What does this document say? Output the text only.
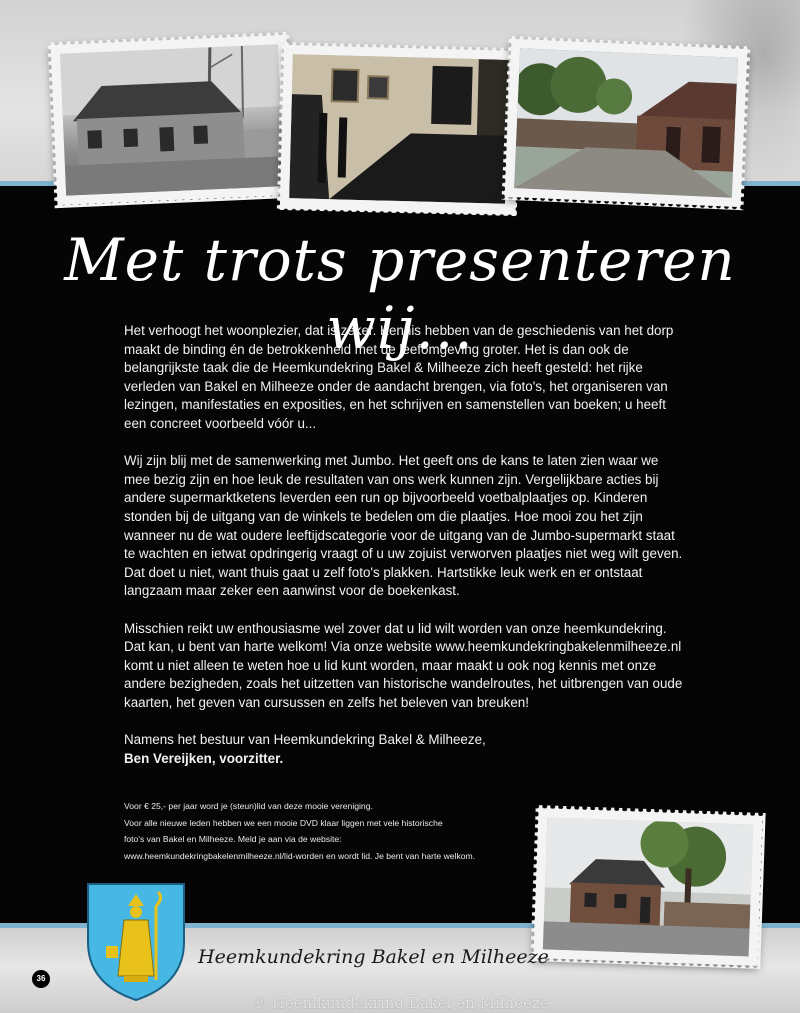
Met trots presenteren wij...

Het verhoogt het woonplezier, dat is zeker. Kennis hebben van de geschiedenis van het dorp maakt de binding én de betrokkenheid met de leefomgeving groter. Het is dan ook de belangrijkste taak die de Heemkundekring Bakel & Milheeze zich heeft gesteld: het rijke verleden van Bakel en Milheeze onder de aandacht brengen, via foto's, het organiseren van lezingen, manifestaties en exposities, en het schrijven en samenstellen van boeken; u heeft een concreet voorbeeld vóór u...

Wij zijn blij met de samenwerking met Jumbo. Het geeft ons de kans te laten zien waar we mee bezig zijn en hoe leuk de resultaten van ons werk kunnen zijn. Vergelijkbare acties bij andere supermarktketens leverden een run op bijvoorbeeld voetbalplaatjes op. Kinderen stonden bij de uitgang van de winkels te bedelen om die plaatjes. Hoe mooi zou het zijn wanneer nu de wat oudere leeftijdscategorie voor de uitgang van de Jumbo-supermarkt staat te wachten en ietwat opdringerig vraagt of u uw zojuist verworven plaatjes niet weg wilt geven. Dat doet u niet, want thuis gaat u zelf foto's plakken. Hartstikke leuk werk en er ontstaat langzaam maar zeker een aanwinst voor de boekenkast.

Misschien reikt uw enthousiasme wel zover dat u lid wilt worden van onze heemkundekring. Dat kan, u bent van harte welkom! Via onze website www.heemkundekringbakelenmilheeze.nl komt u niet alleen te weten hoe u lid kunt worden, maar maakt u ook nog kennis met onze andere bezigheden, zoals het uitzetten van historische wandelroutes, het uitbrengen van oude kaarten, het geven van cursussen en zelfs het beleven van breuken!

Namens het bestuur van Heemkundekring Bakel & Milheeze,

Ben Vereijken, voorzitter.

Voor € 25,- per jaar word je (steun)lid van deze mooie vereniging.
Voor alle nieuwe leden hebben we een mooie DVD klaar liggen met vele historische
foto's van Bakel en Milheeze. Meld je aan via de website:
www.heemkundekringbakelenmilheeze.nl/lid-worden en wordt lid. Je bent van harte welkom.
Heemkundekring Bakel en Milheeze
36
© Heemkundekring Bakel en Milheeze
